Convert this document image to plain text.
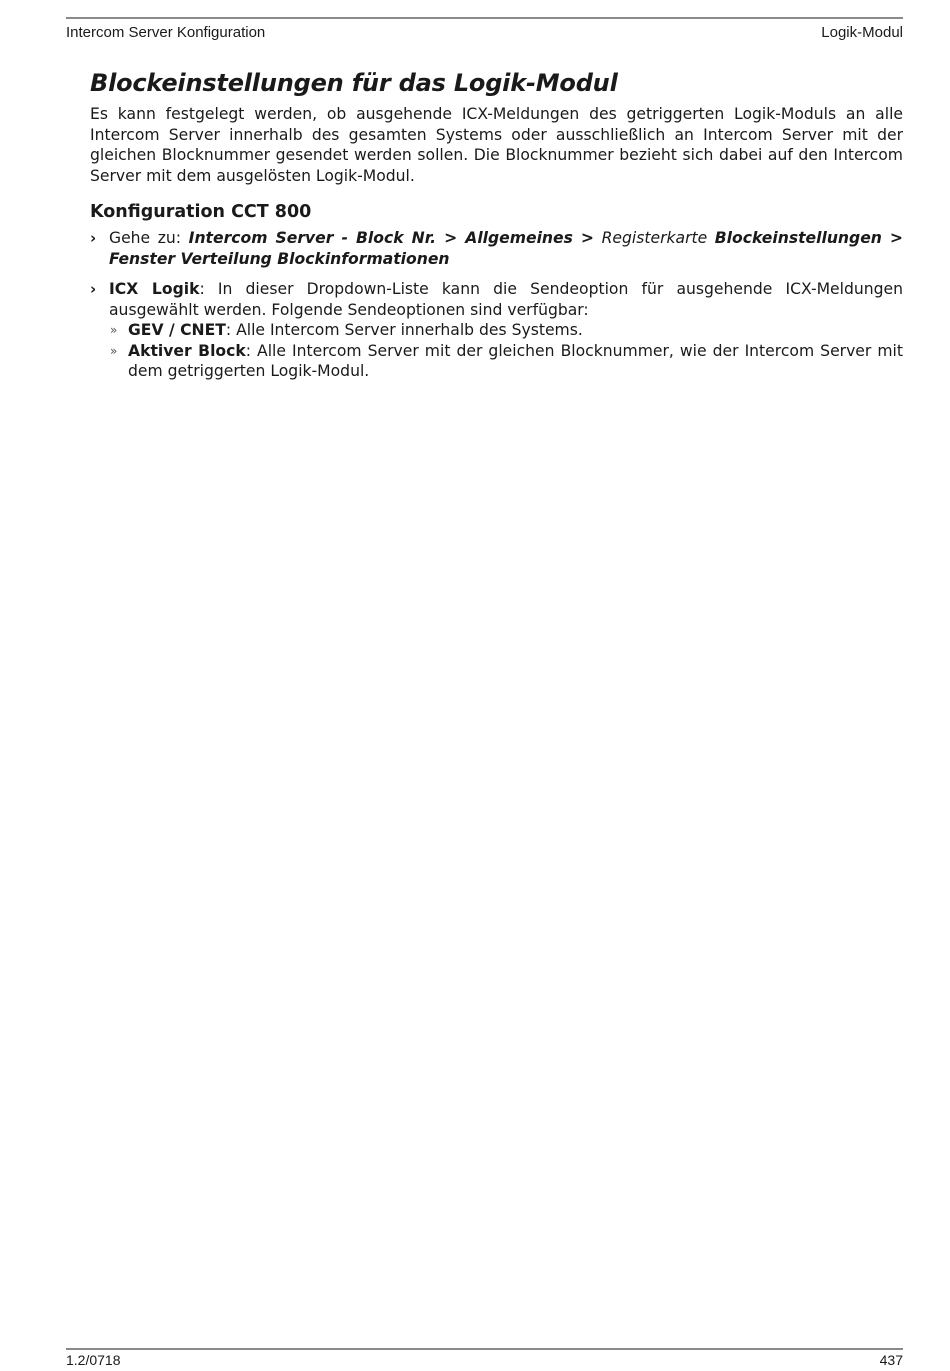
Intercom Server Konfiguration	Logik-Modul
Blockeinstellungen für das Logik-Modul

Es kann festgelegt werden, ob ausgehende ICX-Meldungen des getriggerten Logik-Moduls an alle Intercom Server innerhalb des gesamten Systems oder ausschließlich an Intercom Server mit der gleichen Blocknummer gesendet werden sollen. Die Blocknummer bezieht sich dabei auf den Intercom Server mit dem ausgelösten Logik-Modul.

Konfiguration CCT 800
› Gehe zu: Intercom Server - Block Nr. > Allgemeines > Registerkarte Blockeinstellungen > Fenster Verteilung Blockinformationen
› ICX Logik: In dieser Dropdown-Liste kann die Sendeoption für ausgehende ICX-Meldungen ausgewählt werden. Folgende Sendeoptionen sind verfügbar:
» GEV / CNET: Alle Intercom Server innerhalb des Systems.
» Aktiver Block: Alle Intercom Server mit der gleichen Blocknummer, wie der Intercom Server mit dem getriggerten Logik-Modul.
1.2/0718	437
